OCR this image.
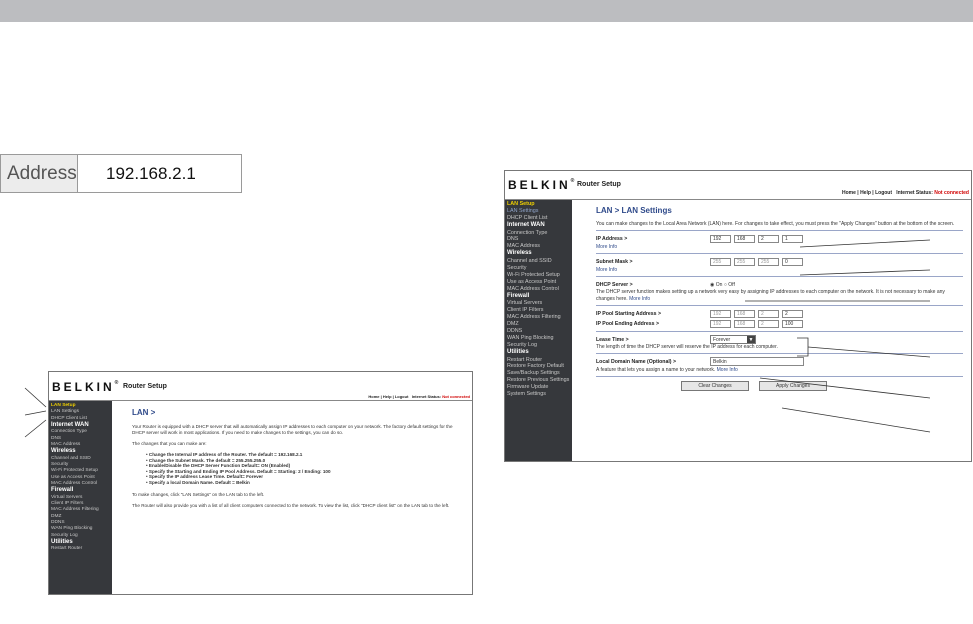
Address	192.168.2.1
BELKIN® Router Setup
Home | Help | Logout Internet Status: Not connected
LAN Setup
LAN Settings
DHCP Client List
Internet WAN
Connection Type
DNS
MAC Address
Wireless
Channel and SSID
Security
Wi-Fi Protected Setup
Use as Access Point
MAC Address Control
Firewall
Virtual Servers
Client IP Filters
MAC Address Filtering
DMZ
DDNS
WAN Ping Blocking
Security Log
Utilities
Restart Router
LAN >

Your Router is equipped with a DHCP server that will automatically assign IP addresses to each computer on your network. The factory default settings for the DHCP server will work in most applications. If you need to make changes to the settings, you can do so.

The changes that you can make are:

• Change the Internal IP address of the Router. The default = 192.168.2.1
• Change the Subnet Mask. The default = 255.255.255.0
• Enable/Disable the DHCP Server Function Default= ON (Enabled)
• Specify the Starting and Ending IP Pool Address. Default = Starting: 2 / Ending: 100
• Specify the IP address Lease Time. Default= Forever
• Specify a local Domain Name. Default = Belkin

To make changes, click "LAN Settings" on the LAN tab to the left.

The Router will also provide you with a list of all client computers connected to the network. To view the list, click "DHCP client list" on the LAN tab to the left.

BELKIN® Router Setup
Home | Help | Logout Internet Status: Not connected
LAN Setup
LAN Settings
DHCP Client List
Internet WAN
Connection Type
DNS
MAC Address
Wireless
Channel and SSID
Security
Wi-Fi Protected Setup
Use as Access Point
MAC Address Control
Firewall
Virtual Servers
Client IP Filters
MAC Address Filtering
DMZ
DDNS
WAN Ping Blocking
Security Log
Utilities
Restart Router
Restore Factory Default
Save/Backup Settings
Restore Previous Settings
Firmware Update
System Settings
LAN > LAN Settings
You can make changes to the Local Area Network (LAN) here. For changes to take effect, you must press the "Apply Changes" button at the bottom of the screen.
IP Address >	192	168	2	1
More Info
Subnet Mask >	255	255	255	0
More Info
DHCP Server >	◉ On
○ Off
The DHCP server function makes setting up a network very easy by assigning IP addresses to each computer on the network. It is not necessary to make any changes here. More Info
IP Pool Starting Address >	192	168	2	2
IP Pool Ending Address >	192	168	2	100
Lease Time >	Forever	▼
The length of time the DHCP server will reserve the IP address for each computer.
Local Domain Name (Optional) >	Belkin
A feature that lets you assign a name to your network. More Info
Clear Changes	Apply Changes
